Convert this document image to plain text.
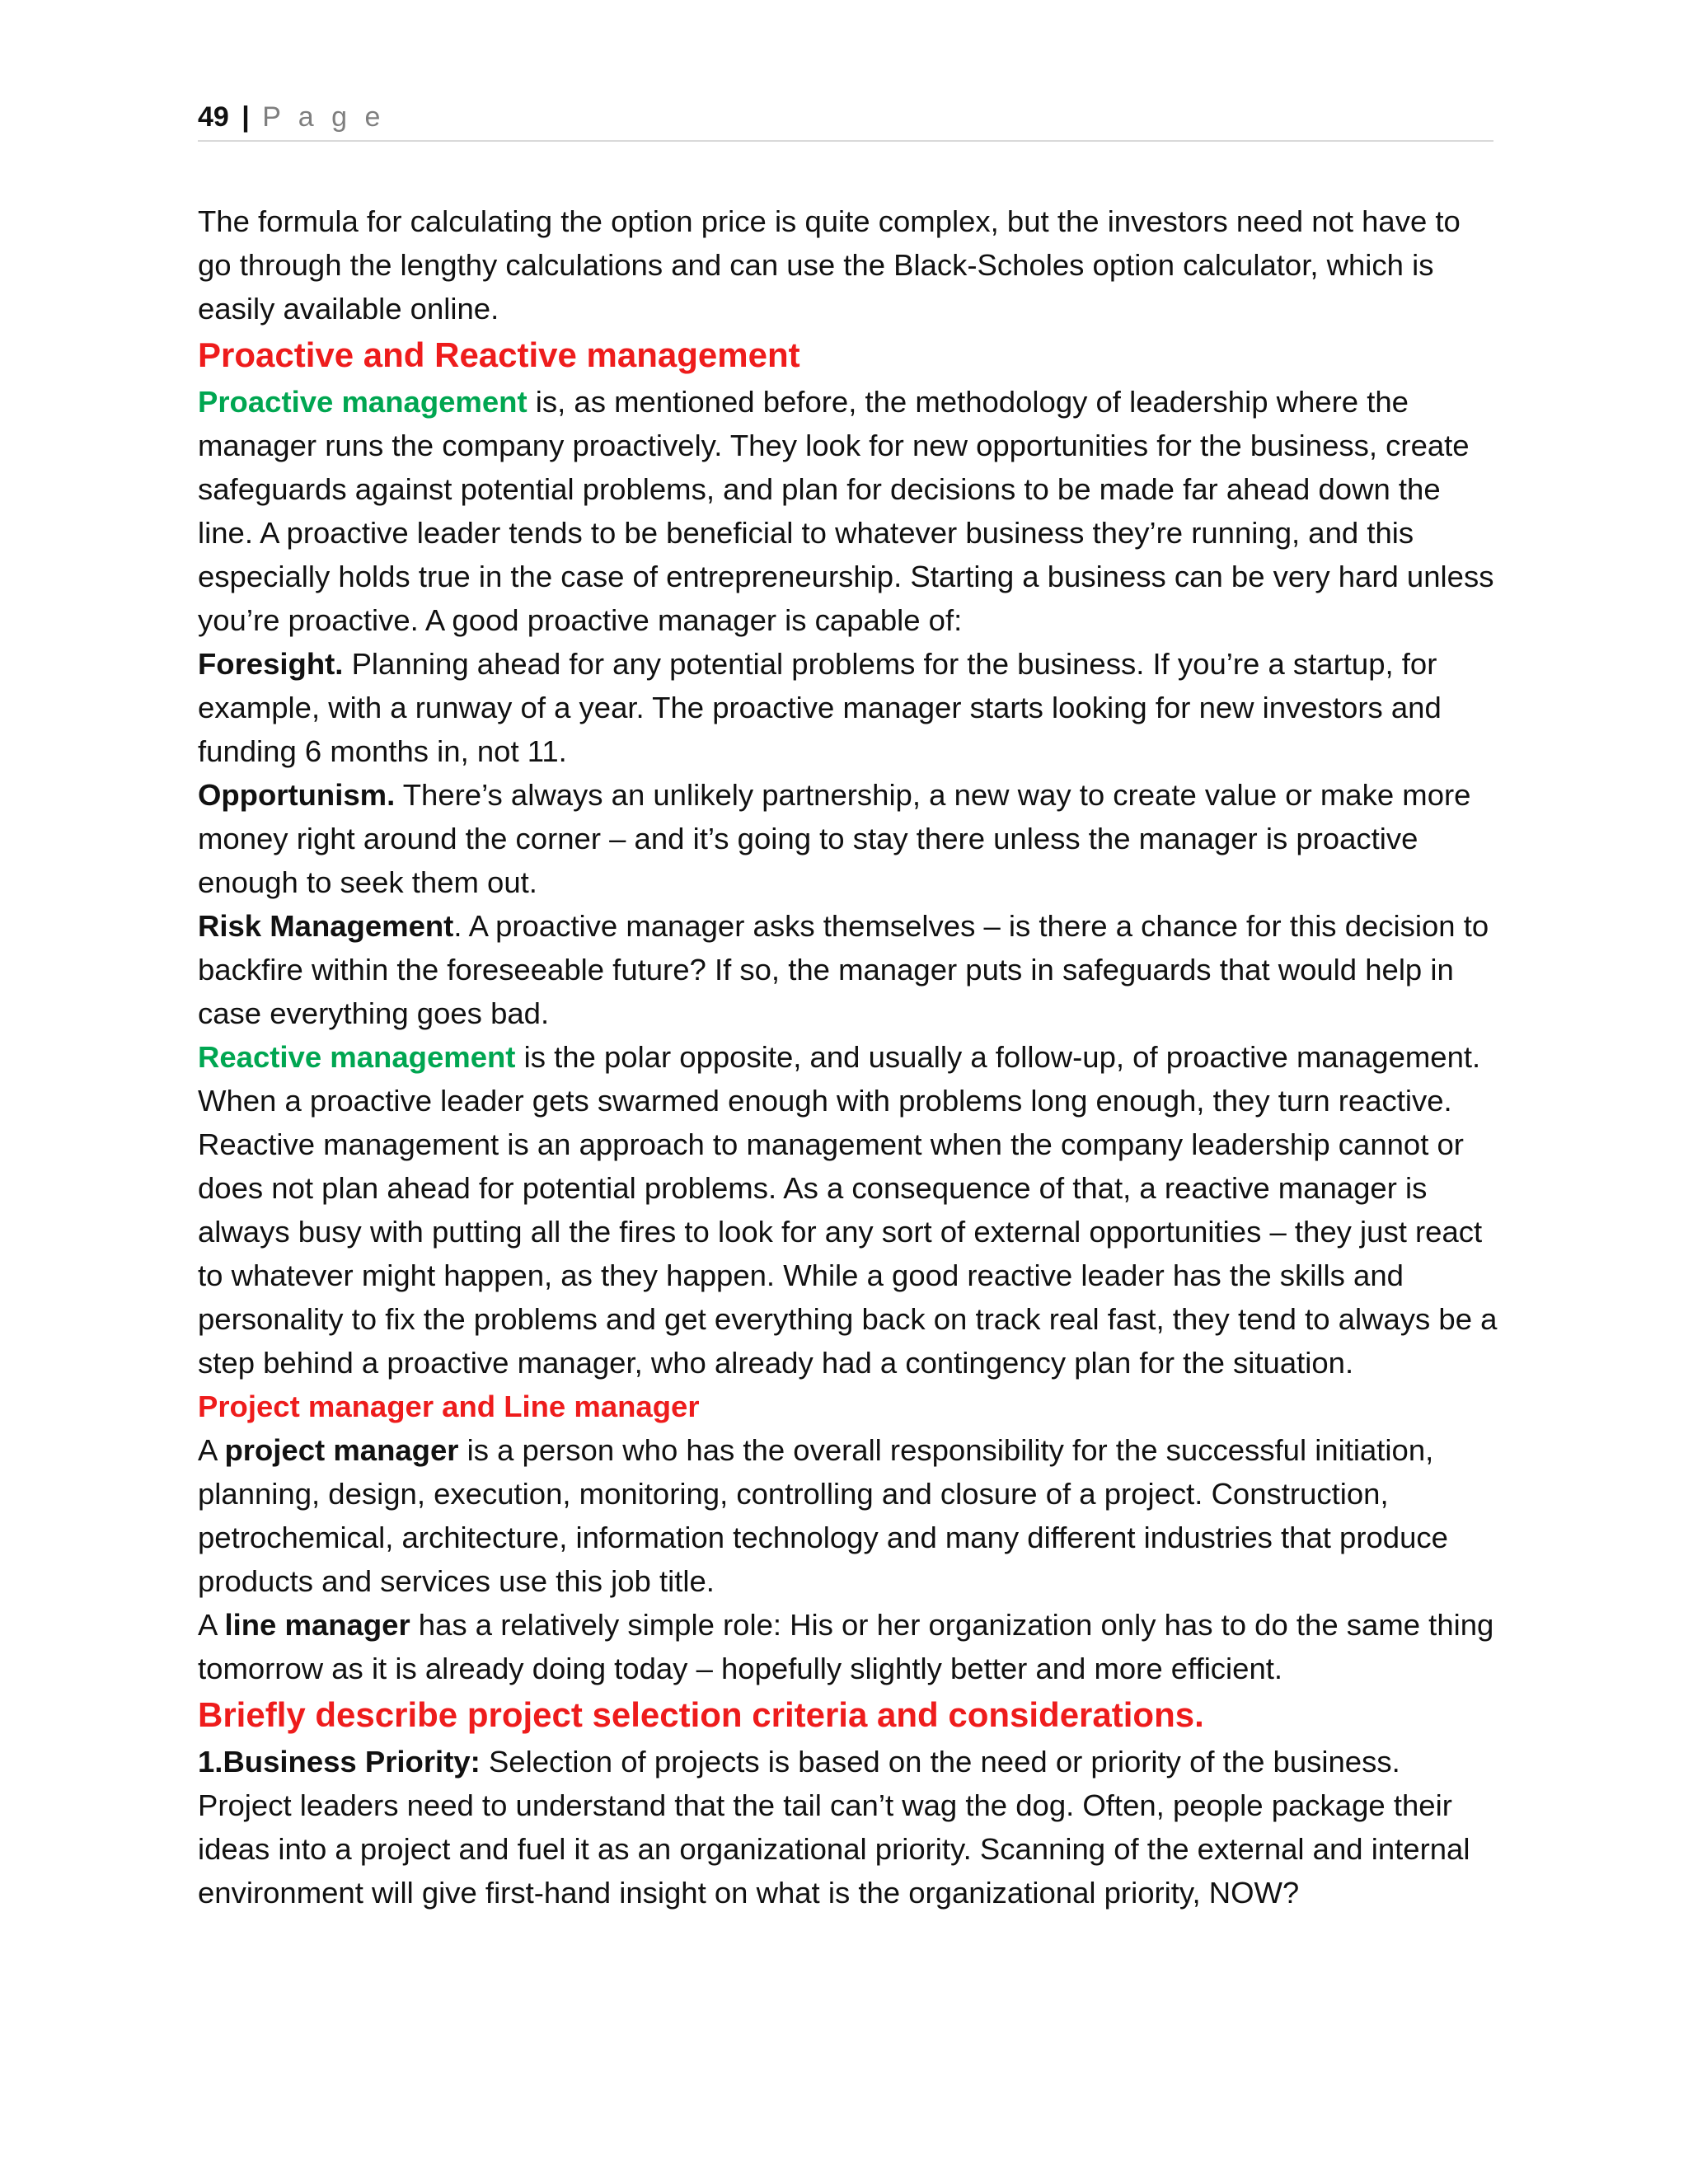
49 | P a g e

The formula for calculating the option price is quite complex, but the investors need not have to go through the lengthy calculations and can use the Black-Scholes option calculator, which is easily available online.

Proactive and Reactive management

Proactive management is, as mentioned before, the methodology of leadership where the manager runs the company proactively. They look for new opportunities for the business, create safeguards against potential problems, and plan for decisions to be made far ahead down the line. A proactive leader tends to be beneficial to whatever business they’re running, and this especially holds true in the case of entrepreneurship. Starting a business can be very hard unless you’re proactive. A good proactive manager is capable of:

Foresight. Planning ahead for any potential problems for the business. If you’re a startup, for example, with a runway of a year. The proactive manager starts looking for new investors and funding 6 months in, not 11.

Opportunism. There’s always an unlikely partnership, a new way to create value or make more money right around the corner – and it’s going to stay there unless the manager is proactive enough to seek them out.

Risk Management. A proactive manager asks themselves – is there a chance for this decision to backfire within the foreseeable future? If so, the manager puts in safeguards that would help in case everything goes bad.

Reactive management is the polar opposite, and usually a follow-up, of proactive management. When a proactive leader gets swarmed enough with problems long enough, they turn reactive. Reactive management is an approach to management when the company leadership cannot or does not plan ahead for potential problems. As a consequence of that, a reactive manager is always busy with putting all the fires to look for any sort of external opportunities – they just react to whatever might happen, as they happen. While a good reactive leader has the skills and personality to fix the problems and get everything back on track real fast, they tend to always be a step behind a proactive manager, who already had a contingency plan for the situation.

Project manager and Line manager

A project manager is a person who has the overall responsibility for the successful initiation, planning, design, execution, monitoring, controlling and closure of a project. Construction, petrochemical, architecture, information technology and many different industries that produce products and services use this job title.

A line manager has a relatively simple role: His or her organization only has to do the same thing tomorrow as it is already doing today – hopefully slightly better and more efficient.

Briefly describe project selection criteria and considerations.

1.Business Priority: Selection of projects is based on the need or priority of the business. Project leaders need to understand that the tail can’t wag the dog. Often, people package their ideas into a project and fuel it as an organizational priority. Scanning of the external and internal environment will give first-hand insight on what is the organizational priority, NOW?
